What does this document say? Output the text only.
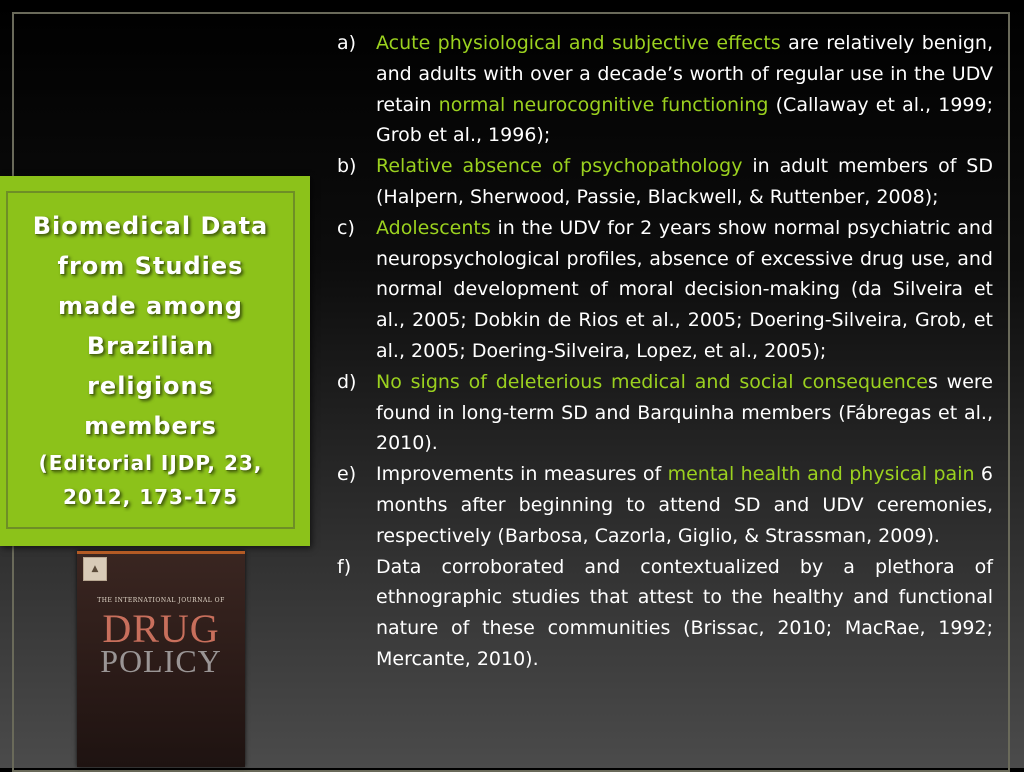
Biomedical Data
from Studies
made among
Brazilian
religions
members
(Editorial IJDP, 23,
2012, 173-175
▲
THE INTERNATIONAL JOURNAL OF
DRUG
POLICY
a) Acute physiological and subjective effects are relatively benign, and adults with over a decade’s worth of regular use in the UDV retain normal neurocognitive functioning (Callaway et al., 1999; Grob et al., 1996);
b) Relative absence of psychopathology in adult members of SD (Halpern, Sherwood, Passie, Blackwell, & Ruttenber, 2008);
c) Adolescents in the UDV for 2 years show normal psychiatric and neuropsychological profiles, absence of excessive drug use, and normal development of moral decision-making (da Silveira et al., 2005; Dobkin de Rios et al., 2005; Doering-Silveira, Grob, et al., 2005; Doering-Silveira, Lopez, et al., 2005);
d) No signs of deleterious medical and social consequences were found in long-term SD and Barquinha members (Fábregas et al., 2010).
e) Improvements in measures of mental health and physical pain 6 months after beginning to attend SD and UDV ceremonies, respectively (Barbosa, Cazorla, Giglio, & Strassman, 2009).
f) Data corroborated and contextualized by a plethora of ethnographic studies that attest to the healthy and functional nature of these communities (Brissac, 2010; MacRae, 1992; Mercante, 2010).
